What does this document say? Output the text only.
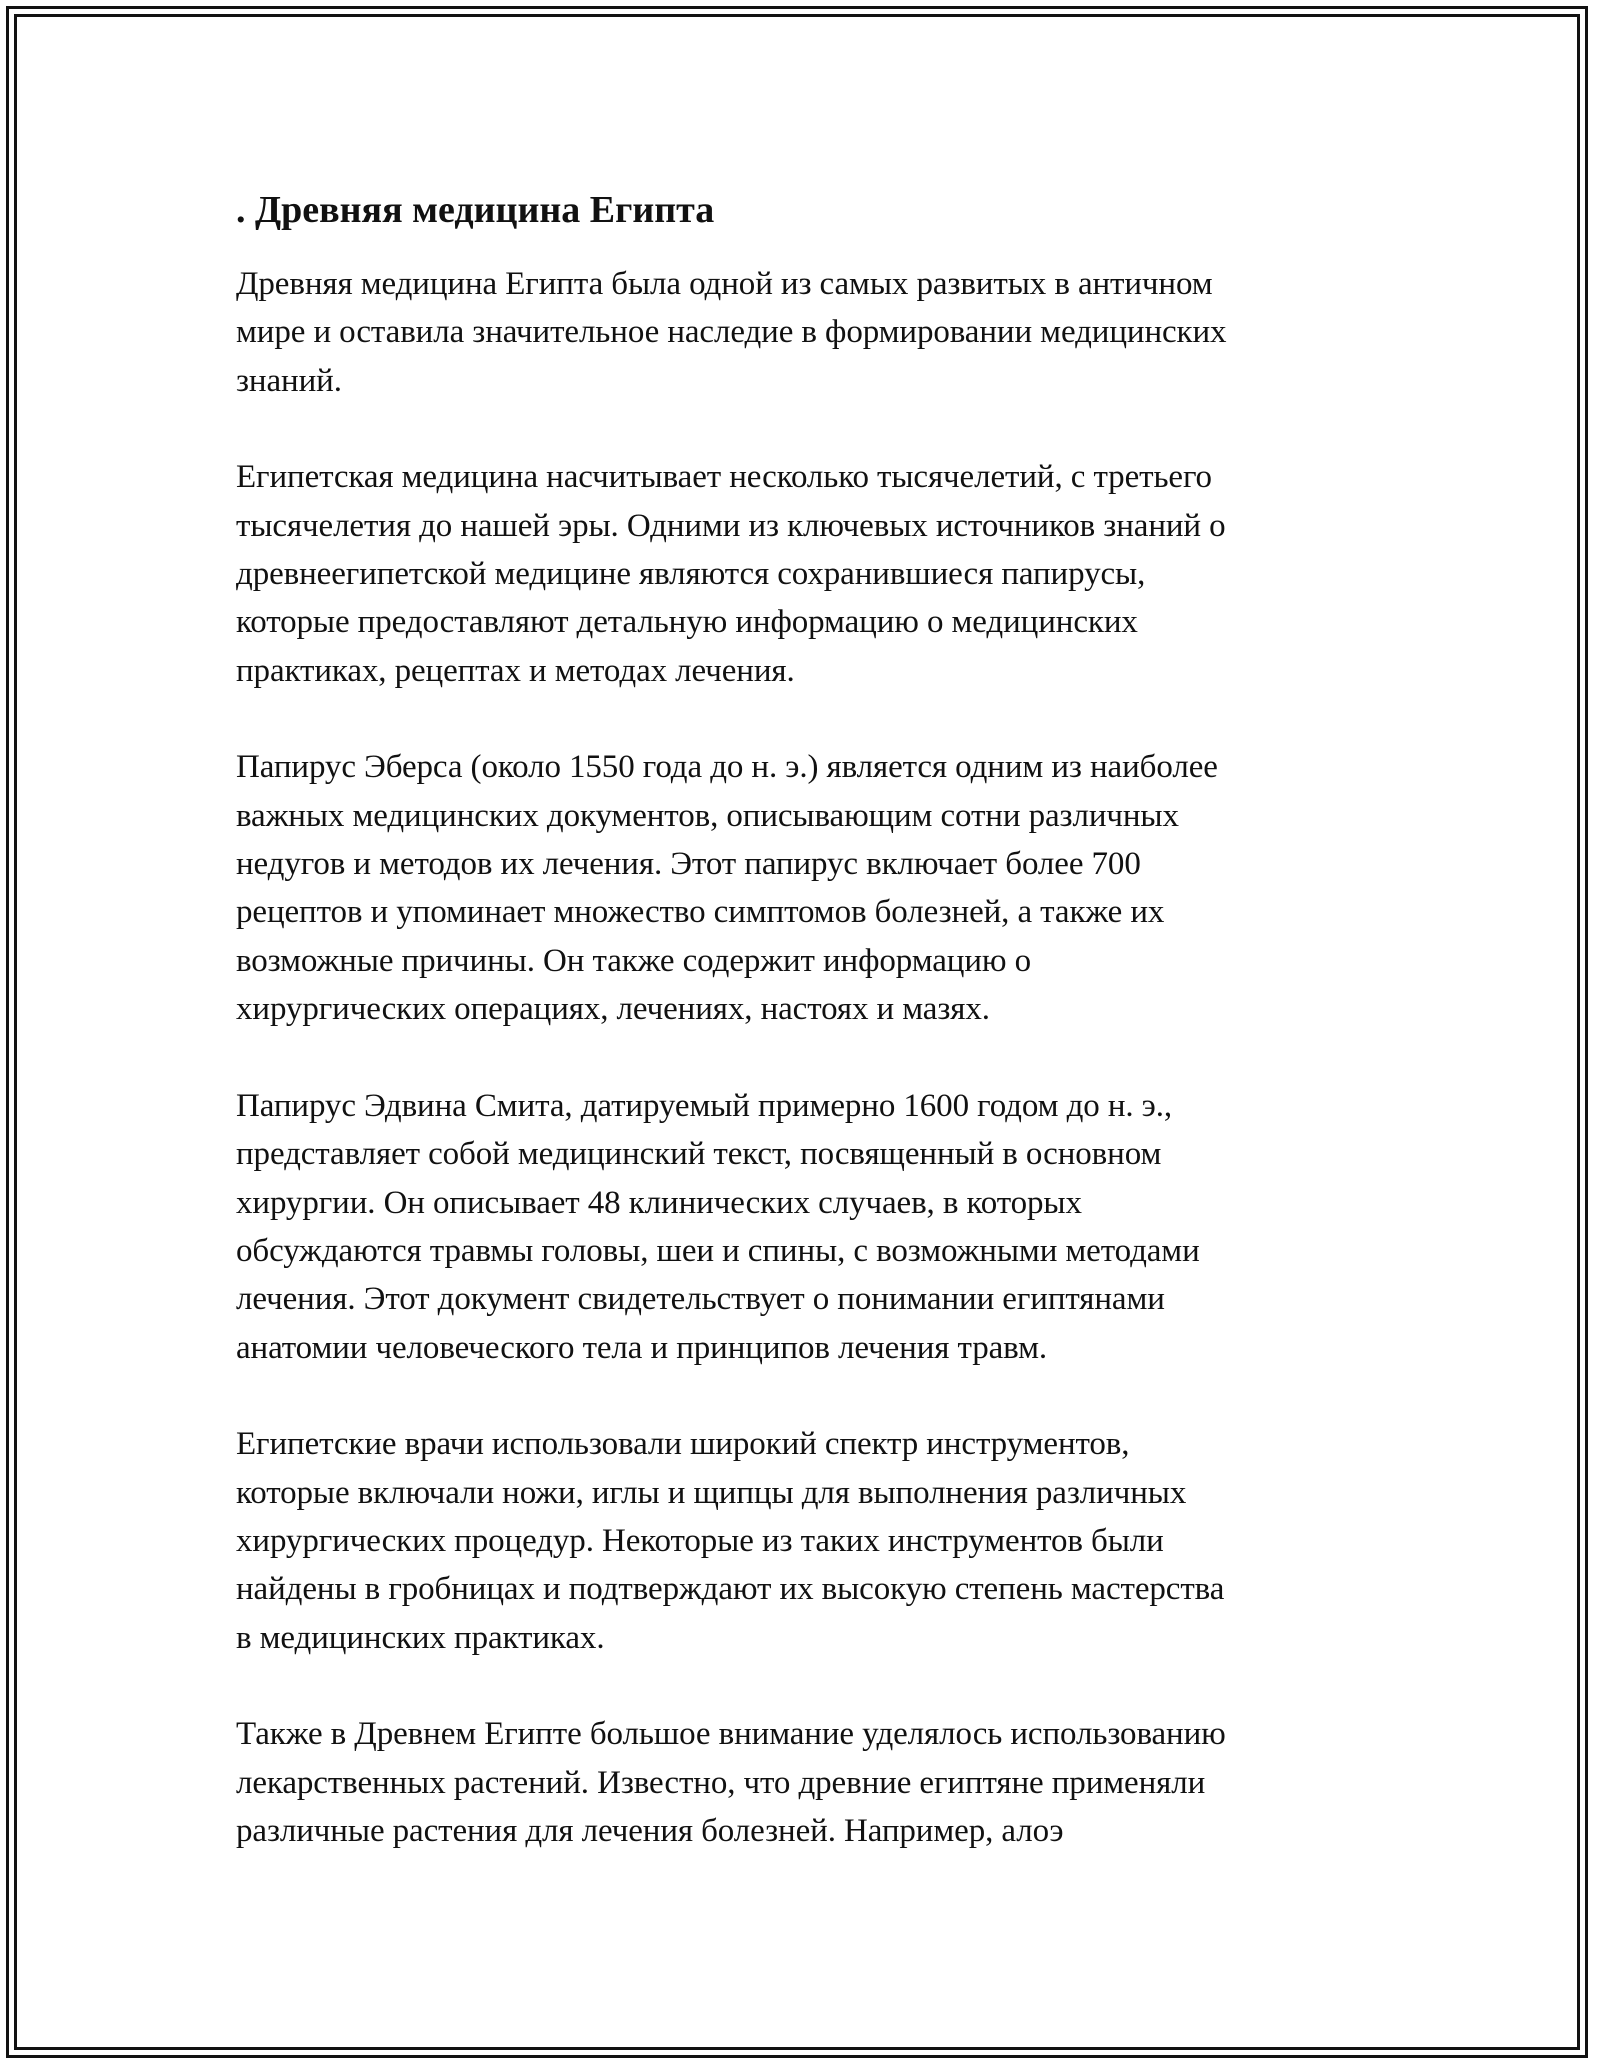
. Древняя медицина Египта
Древняя медицина Египта была одной из самых развитых в античном
мире и оставила значительное наследие в формировании медицинских
знаний.
Египетская медицина насчитывает несколько тысячелетий, с третьего
тысячелетия до нашей эры. Одними из ключевых источников знаний о
древнеегипетской медицине являются сохранившиеся папирусы,
которые предоставляют детальную информацию о медицинских
практиках, рецептах и методах лечения.
Папирус Эберса (около 1550 года до н. э.) является одним из наиболее
важных медицинских документов, описывающим сотни различных
недугов и методов их лечения. Этот папирус включает более 700
рецептов и упоминает множество симптомов болезней, а также их
возможные причины. Он также содержит информацию о
хирургических операциях, лечениях, настоях и мазях.
Папирус Эдвина Смита, датируемый примерно 1600 годом до н. э.,
представляет собой медицинский текст, посвященный в основном
хирургии. Он описывает 48 клинических случаев, в которых
обсуждаются травмы головы, шеи и спины, с возможными методами
лечения. Этот документ свидетельствует о понимании египтянами
анатомии человеческого тела и принципов лечения травм.
Египетские врачи использовали широкий спектр инструментов,
которые включали ножи, иглы и щипцы для выполнения различных
хирургических процедур. Некоторые из таких инструментов были
найдены в гробницах и подтверждают их высокую степень мастерства
в медицинских практиках.
Также в Древнем Египте большое внимание уделялось использованию
лекарственных растений. Известно, что древние египтяне применяли
различные растения для лечения болезней. Например, алоэ
